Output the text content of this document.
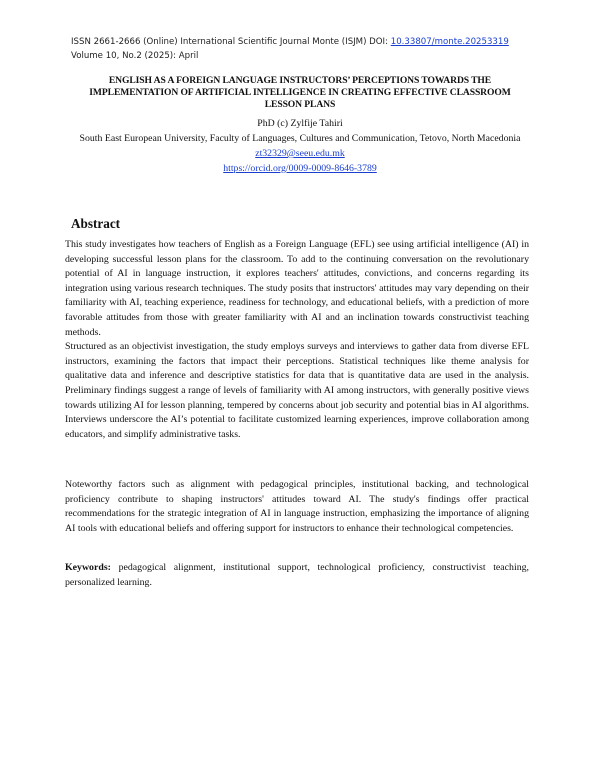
ISSN 2661-2666 (Online) International Scientific Journal Monte (ISJM) DOI: 10.33807/monte.20253319
Volume 10, No.2 (2025): April
ENGLISH AS A FOREIGN LANGUAGE INSTRUCTORS’ PERCEPTIONS TOWARDS THE IMPLEMENTATION OF ARTIFICIAL INTELLIGENCE IN CREATING EFFECTIVE CLASSROOM LESSON PLANS
PhD (c) Zylfije Tahiri
South East European University, Faculty of Languages, Cultures and Communication, Tetovo, North Macedonia
zt32329@seeu.edu.mk
https://orcid.org/0009-0009-8646-3789
Abstract

This study investigates how teachers of English as a Foreign Language (EFL) see using artificial intelligence (AI) in developing successful lesson plans for the classroom. To add to the continuing conversation on the revolutionary potential of AI in language instruction, it explores teachers' attitudes, convictions, and concerns regarding its integration using various research techniques. The study posits that instructors' attitudes may vary depending on their familiarity with AI, teaching experience, readiness for technology, and educational beliefs, with a prediction of more favorable attitudes from those with greater familiarity with AI and an inclination towards constructivist teaching methods.

Structured as an objectivist investigation, the study employs surveys and interviews to gather data from diverse EFL instructors, examining the factors that impact their perceptions. Statistical techniques like theme analysis for qualitative data and inference and descriptive statistics for data that is quantitative data are used in the analysis. Preliminary findings suggest a range of levels of familiarity with AI among instructors, with generally positive views towards utilizing AI for lesson planning, tempered by concerns about job security and potential bias in AI algorithms. Interviews underscore the AI’s potential to facilitate customized learning experiences, improve collaboration among educators, and simplify administrative tasks.

Noteworthy factors such as alignment with pedagogical principles, institutional backing, and technological proficiency contribute to shaping instructors' attitudes toward AI. The study's findings offer practical recommendations for the strategic integration of AI in language instruction, emphasizing the importance of aligning AI tools with educational beliefs and offering support for instructors to enhance their technological competencies.

Keywords: pedagogical alignment, institutional support, technological proficiency, constructivist teaching, personalized learning.
